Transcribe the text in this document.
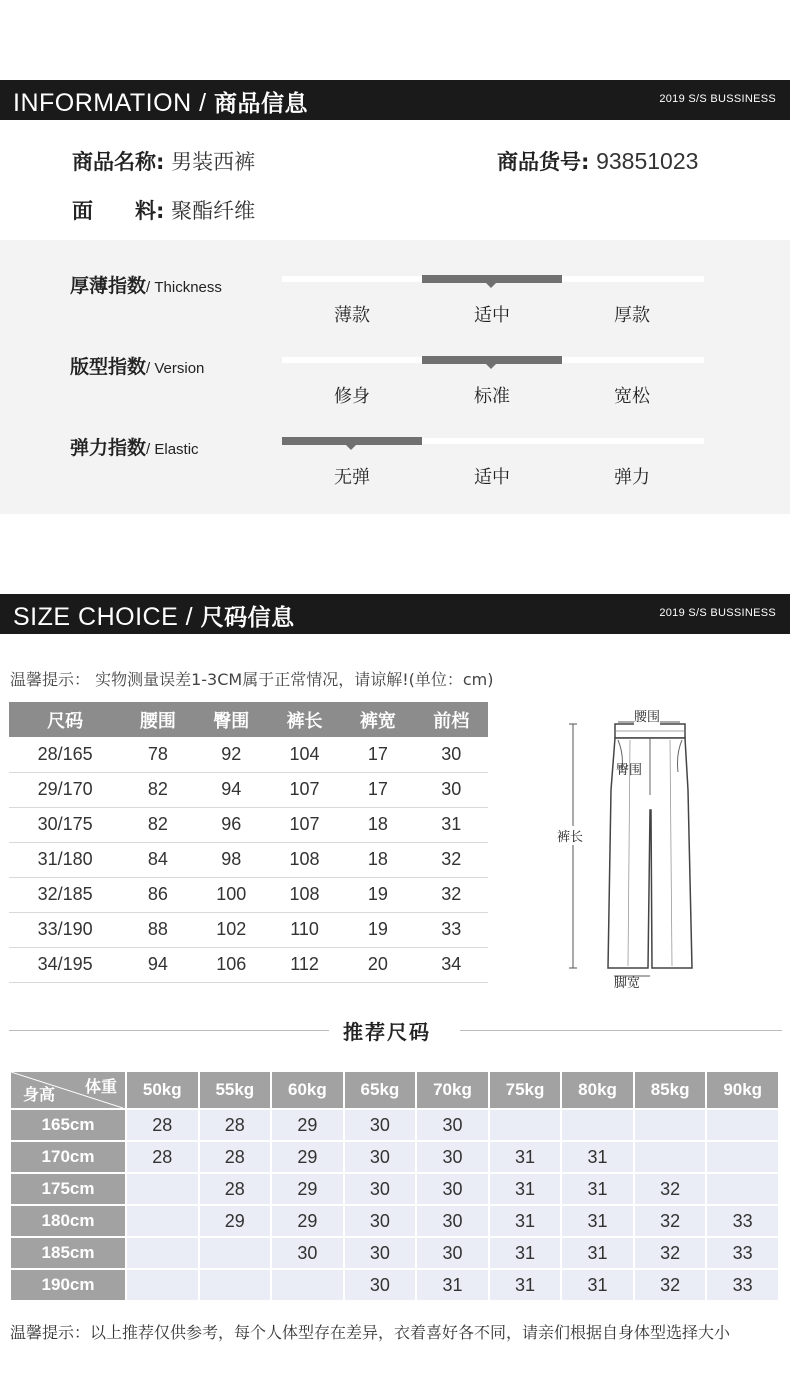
INFORMATION / 商品信息	2019 S/S BUSSINESS
商品名称: 男装西裤	商品货号: 93851023
面　　料: 聚酯纤维
厚薄指数/ Thickness
薄款	适中	厚款
版型指数/ Version
修身	标准	宽松
弹力指数/ Elastic
无弹	适中	弹力
SIZE CHOICE / 尺码信息	2019 S/S BUSSINESS
温馨提示： 实物测量误差1-3CM属于正常情况，请谅解!(单位：cm)
尺码	腰围	臀围	裤长	裤宽	前档
28/165	78	92	104	17	30
29/170	82	94	107	17	30
30/175	82	96	107	18	31
31/180	84	98	108	18	32
32/185	86	100	108	19	32
33/190	88	102	110	19	33
34/195	94	106	112	20	34
腰围
臀围
裤长
脚宽
推荐尺码
体重
身高	50kg	55kg	60kg	65kg	70kg	75kg	80kg	85kg	90kg
165cm	28	28	29	30	30				
170cm	28	28	29	30	30	31	31		
175cm		28	29	30	30	31	31	32	
180cm		29	29	30	30	31	31	32	33
185cm			30	30	30	31	31	32	33
190cm				30	31	31	31	32	33
温馨提示：以上推荐仅供参考，每个人体型存在差异，衣着喜好各不同，请亲们根据自身体型选择大小
